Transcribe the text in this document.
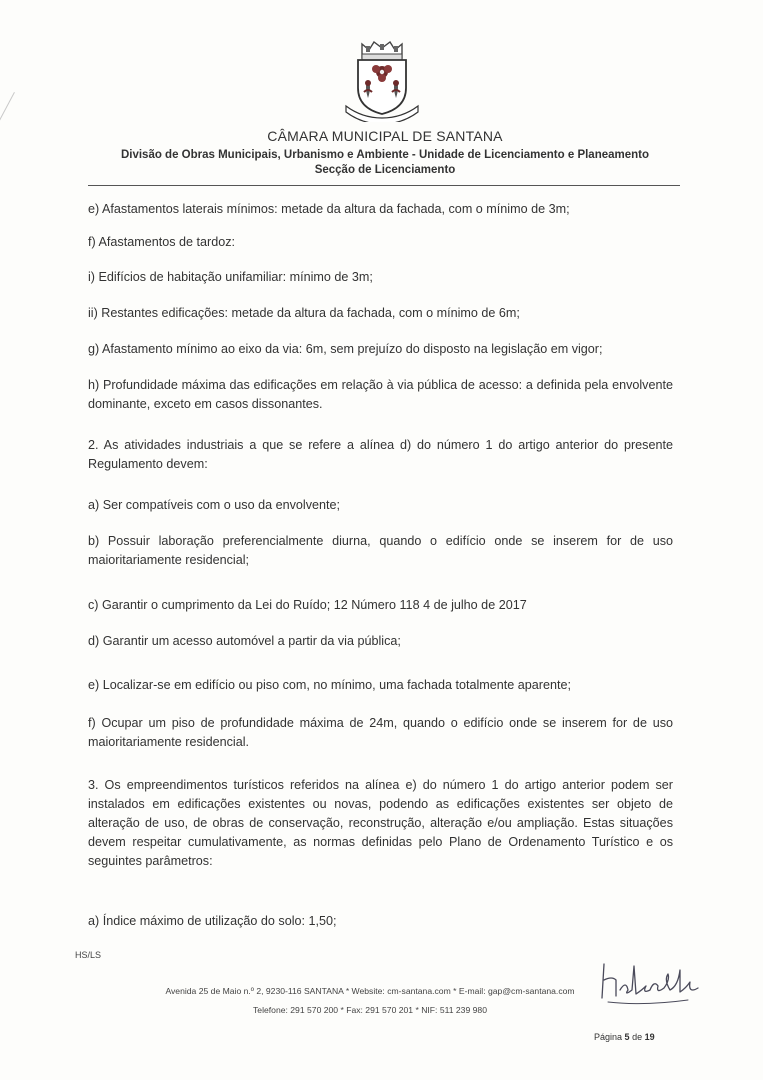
CÂMARA MUNICIPAL DE SANTANA
Divisão de Obras Municipais, Urbanismo e Ambiente - Unidade de Licenciamento e Planeamento
Secção de Licenciamento

e) Afastamentos laterais mínimos: metade da altura da fachada, com o mínimo de 3m;

f) Afastamentos de tardoz:

i) Edifícios de habitação unifamiliar: mínimo de 3m;

ii) Restantes edificações: metade da altura da fachada, com o mínimo de 6m;

g) Afastamento mínimo ao eixo da via: 6m, sem prejuízo do disposto na legislação em vigor;

h) Profundidade máxima das edificações em relação à via pública de acesso: a definida pela envolvente dominante, exceto em casos dissonantes.

2. As atividades industriais a que se refere a alínea d) do número 1 do artigo anterior do presente Regulamento devem:

a) Ser compatíveis com o uso da envolvente;

b) Possuir laboração preferencialmente diurna, quando o edifício onde se inserem for de uso maioritariamente residencial;

c) Garantir o cumprimento da Lei do Ruído; 12 Número 118 4 de julho de 2017

d) Garantir um acesso automóvel a partir da via pública;

e) Localizar-se em edifício ou piso com, no mínimo, uma fachada totalmente aparente;

f) Ocupar um piso de profundidade máxima de 24m, quando o edifício onde se inserem for de uso maioritariamente residencial.

3. Os empreendimentos turísticos referidos na alínea e) do número 1 do artigo anterior podem ser instalados em edificações existentes ou novas, podendo as edificações existentes ser objeto de alteração de uso, de obras de conservação, reconstrução, alteração e/ou ampliação. Estas situações devem respeitar cumulativamente, as normas definidas pelo Plano de Ordenamento Turístico e os seguintes parâmetros:

a) Índice máximo de utilização do solo: 1,50;

HS/LS
Avenida 25 de Maio n.º 2, 9230-116 SANTANA * Website: cm-santana.com * E-mail: gap@cm-santana.com
Telefone: 291 570 200 * Fax: 291 570 201 * NIF: 511 239 980
Página 5 de 19
